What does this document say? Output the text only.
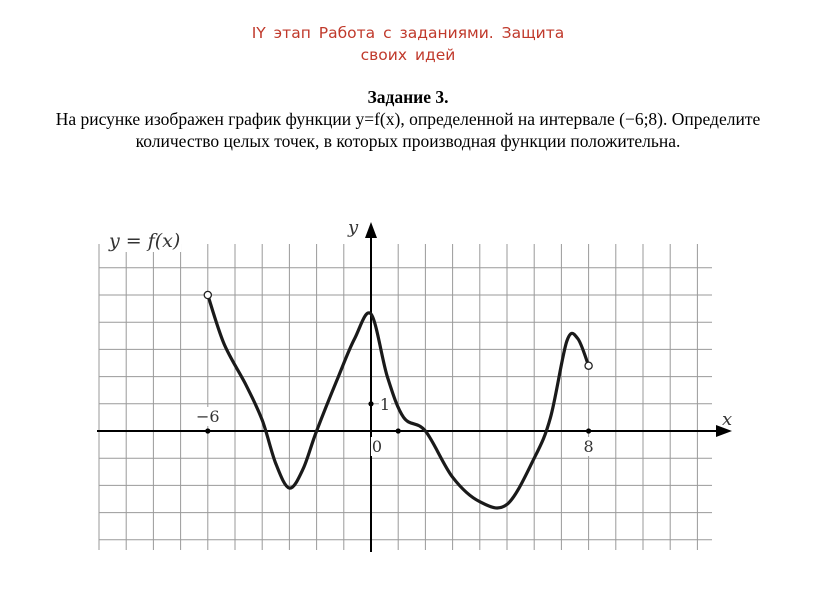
IY этап Работа с заданиями. Защита
своих идей
Задание 3.
На рисунке изображен график функции y=f(x), определенной на интервале (−6;8). Определите количество целых точек, в которых производная функции положительна.
y = f(x)
x
y
0
−6
8
1
